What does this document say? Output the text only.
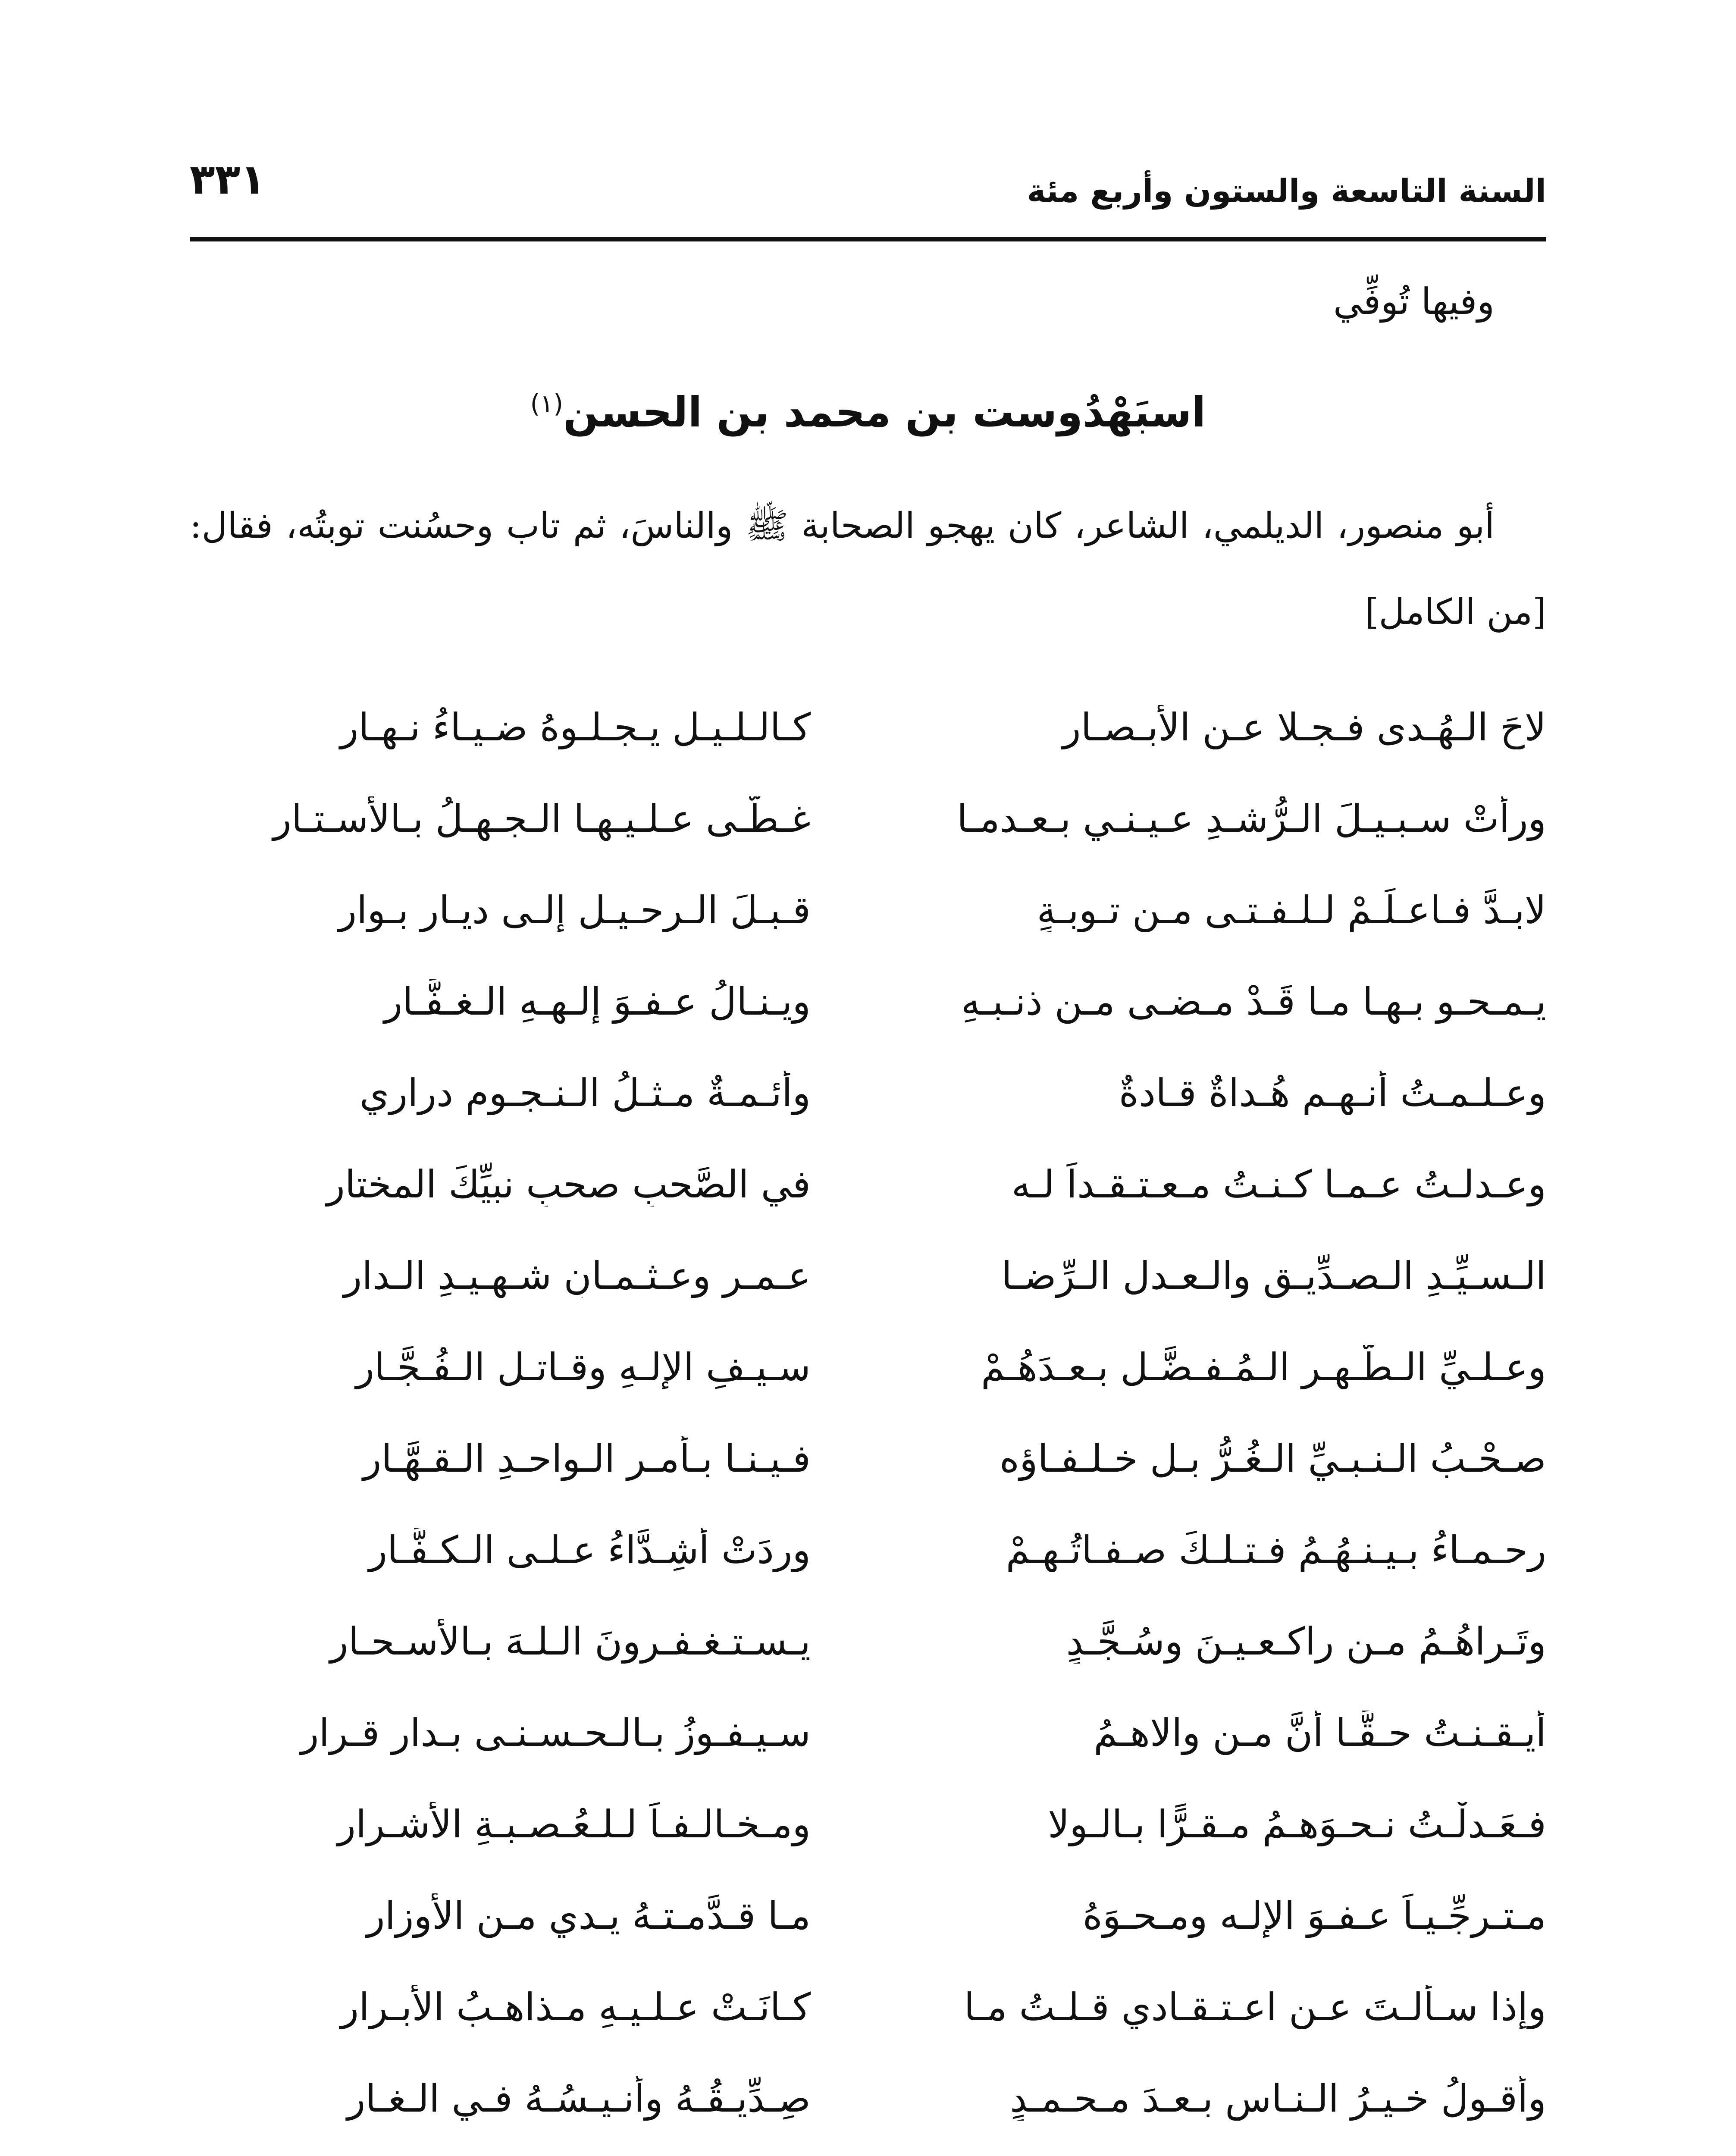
السنة التاسعة والستون وأربع مئة
٣٣١
وفيها تُوفِّي
اسبَهْدُوست بن محمد بن الحسن$^{(١)}$
أبو منصور، الديلمي، الشاعر، كان يهجو الصحابة ﷺ والناسَ، ثم تاب وحسُنت توبتُه، فقال: [من الكامل]
لاحَ الـهُـدى فـجـلا عـن الأبـصـارِ
كـالـلـيـلِ يـجـلـوهُ ضـيـاءُ نـهـارِ
ورأتْ سـبـيـلَ الـرُّشـدِ عـيـنـي بـعـدمـا
غـطَّـى عـلـيـهـا الـجـهـلُ بـالأسـتـارِ
لابـدَّ فـاعـلَـمْ لـلـفـتـى مـن تـوبـةٍ
قـبـلَ الـرحـيـلِ إلـى ديـارِ بـوارِ
يـمـحـو بـهـا مـا قَـدْ مـضـى مـن ذنـبـهِ
ويـنـالُ عـفـوَ إلـهـهِ الـغـفَّـارِ
وعـلـمـتُ أنـهـم هُـداةٌ قـادةٌ
وأئـمـةٌ مـثـلُ الـنـجـوم دراري
وعـدلـتُ عـمـا كـنـتُ مـعـتـقـداً لـه
في الصَّحبِ صحبِ نبيِّكَ المختارِ
الـسـيِّـدِ الـصـدِّيـقِ والـعـدلِ الـرِّضـا
عـمـرٍ وعـثـمـانٍ شـهـيـدِ الـدارِ
وعـلـيِّ الـطُّـهـرِ الـمُـفـضَّـلِ بـعـدَهُـمْ
سـيـفِ الإلـهِ وقـاتـلِ الـفُـجَّـارِ
صـحْـبُ الـنـبـيِّ الـغُـرُّ بـل خـلـفـاؤه
فـيـنـا بـأمـرِ الـواحـدِ الـقـهَّـارِ
رحـمـاءُ بـيـنـهُـمُ فـتـلـكَ صـفـاتُـهـمْ
وردَتْ أشِـدَّاءُ عـلـى الـكـفَّـارِ
وتَـراهُـمُ مـن راكـعـيـنَ وسُـجَّـدٍ
يـسـتـغـفـرونَ الـلـهَ بـالأسـحـارِ
أيـقـنـتُ حـقًّـا أنَّ مـن والاهـمُ
سـيـفـوزُ بـالـحـسـنـى بـدارِ قـرارِ
فـعَـدلْـتُ نـحـوَهـمُ مـقـرًّا بـالـولا
ومـخـالـفـاً لـلـعُـصـبـةِ الأشـرارِ
مـتـرجِّـيـاً عـفـوَ الإلـه ومـحـوَهُ
مـا قـدَّمـتـهُ يـدي مـن الأوزارِ
وإذا سـألـتَ عـن اعـتـقـادي قـلـتُ مـا
كـانَـتْ عـلـيـهِ مـذاهـبُ الأبـرارِ
وأقـولُ خـيـرُ الـنـاسِ بـعـدَ مـحـمـدٍ
صِـدِّيـقُـهُ وأنـيـسُـهُ فـي الـغـارِ
